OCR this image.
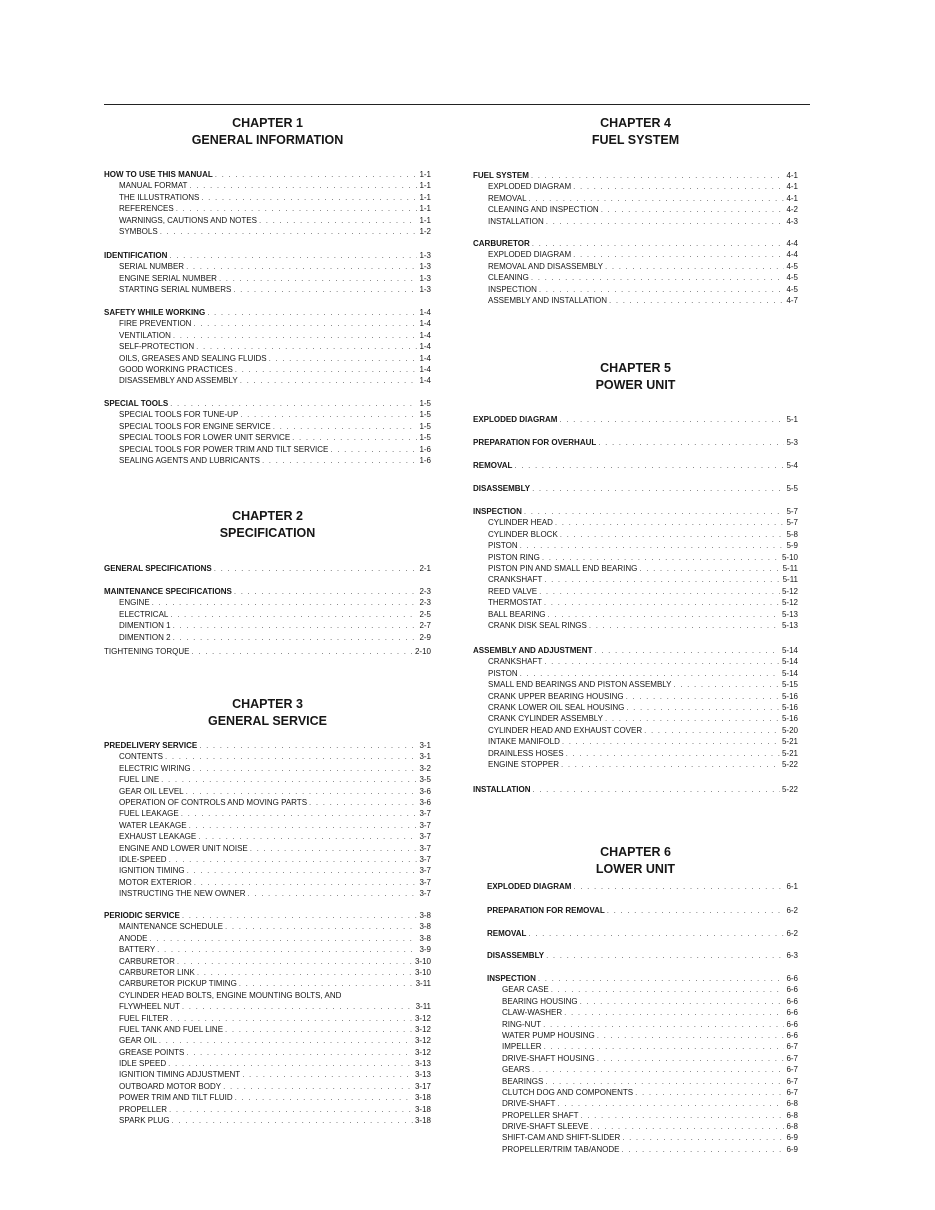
CHAPTER 1
GENERAL INFORMATION
HOW TO USE THIS MANUAL . . .	1-1
MANUAL FORMAT . . .	1-1
THE ILLUSTRATIONS . . .	1-1
REFERENCES . . .	1-1
WARNINGS, CAUTIONS AND NOTES . . .	1-1
SYMBOLS . . .	1-2
IDENTIFICATION . . .	1-3
SERIAL NUMBER . . .	1-3
ENGINE SERIAL NUMBER . . .	1-3
STARTING SERIAL NUMBERS . . .	1-3
SAFETY WHILE WORKING . . .	1-4
FIRE PREVENTION . . .	1-4
VENTILATION . . .	1-4
SELF-PROTECTION . . .	1-4
OILS, GREASES AND SEALING FLUIDS . . .	1-4
GOOD WORKING PRACTICES . . .	1-4
DISASSEMBLY AND ASSEMBLY . . .	1-4
SPECIAL TOOLS . . .	1-5
SPECIAL TOOLS FOR TUNE-UP . . .	1-5
SPECIAL TOOLS FOR ENGINE SERVICE . . .	1-5
SPECIAL TOOLS FOR LOWER UNIT SERVICE . . .	1-5
SPECIAL TOOLS FOR POWER TRIM AND TILT SERVICE . . .	1-6
SEALING AGENTS AND LUBRICANTS . . .	1-6
CHAPTER 2
SPECIFICATION
GENERAL SPECIFICATIONS . . .	2-1
MAINTENANCE SPECIFICATIONS . . .	2-3
ENGINE . . .	2-3
ELECTRICAL . . .	2-5
DIMENTION 1 . . .	2-7
DIMENTION 2 . . .	2-9
TIGHTENING TORQUE . . .	2-10
CHAPTER 3
GENERAL SERVICE
PREDELIVERY SERVICE . . .	3-1
CONTENTS . . .	3-1
ELECTRIC WIRING . . .	3-2
FUEL LINE . . .	3-5
GEAR OIL LEVEL . . .	3-6
OPERATION OF CONTROLS AND MOVING PARTS . . .	3-6
FUEL LEAKAGE . . .	3-7
WATER LEAKAGE . . .	3-7
EXHAUST LEAKAGE . . .	3-7
ENGINE AND LOWER UNIT NOISE . . .	3-7
IDLE-SPEED . . .	3-7
IGNITION TIMING . . .	3-7
MOTOR EXTERIOR . . .	3-7
INSTRUCTING THE NEW OWNER . . .	3-7
PERIODIC SERVICE . . .	3-8
MAINTENANCE SCHEDULE . . .	3-8
ANODE . . .	3-8
BATTERY . . .	3-9
CARBURETOR . . .	3-10
CARBURETOR LINK . . .	3-10
CARBURETOR PICKUP TIMING . . .	3-11
CYLINDER HEAD BOLTS, ENGINE MOUNTING BOLTS, AND
FLYWHEEL NUT . . .	3-11
FUEL FILTER . . .	3-12
FUEL TANK AND FUEL LINE . . .	3-12
GEAR OIL . . .	3-12
GREASE POINTS . . .	3-12
IDLE SPEED . . .	3-13
IGNITION TIMING ADJUSTMENT . . .	3-13
OUTBOARD MOTOR BODY . . .	3-17
POWER TRIM AND TILT FLUID . . .	3-18
PROPELLER . . .	3-18
SPARK PLUG . . .	3-18
CHAPTER 4
FUEL SYSTEM
FUEL SYSTEM . . .	4-1
EXPLODED DIAGRAM . . .	4-1
REMOVAL . . .	4-1
CLEANING AND INSPECTION . . .	4-2
INSTALLATION . . .	4-3
CARBURETOR . . .	4-4
EXPLODED DIAGRAM . . .	4-4
REMOVAL AND DISASSEMBLY . . .	4-5
CLEANING . . .	4-5
INSPECTION . . .	4-5
ASSEMBLY AND INSTALLATION . . .	4-7
CHAPTER 5
POWER UNIT
EXPLODED DIAGRAM . . .	5-1
PREPARATION FOR OVERHAUL . . .	5-3
REMOVAL . . .	5-4
DISASSEMBLY . . .	5-5
INSPECTION . . .	5-7
CYLINDER HEAD . . .	5-7
CYLINDER BLOCK . . .	5-8
PISTON . . .	5-9
PISTON RING . . .	5-10
PISTON PIN AND SMALL END BEARING . . .	5-11
CRANKSHAFT . . .	5-11
REED VALVE . . .	5-12
THERMOSTAT . . .	5-12
BALL BEARING . . .	5-13
CRANK DISK SEAL RINGS . . .	5-13
ASSEMBLY AND ADJUSTMENT . . .	5-14
CRANKSHAFT . . .	5-14
PISTON . . .	5-14
SMALL END BEARINGS AND PISTON ASSEMBLY . . .	5-15
CRANK UPPER BEARING HOUSING . . .	5-16
CRANK LOWER OIL SEAL HOUSING . . .	5-16
CRANK CYLINDER ASSEMBLY . . .	5-16
CYLINDER HEAD AND EXHAUST COVER . . .	5-20
INTAKE MANIFOLD . . .	5-21
DRAINLESS HOSES . . .	5-21
ENGINE STOPPER . . .	5-22
INSTALLATION . . .	5-22
CHAPTER 6
LOWER UNIT
EXPLODED DIAGRAM . . .	6-1
PREPARATION FOR REMOVAL . . .	6-2
REMOVAL . . .	6-2
DISASSEMBLY . . .	6-3
INSPECTION . . .	6-6
GEAR CASE . . .	6-6
BEARING HOUSING . . .	6-6
CLAW-WASHER . . .	6-6
RING-NUT . . .	6-6
WATER PUMP HOUSING . . .	6-6
IMPELLER . . .	6-7
DRIVE-SHAFT HOUSING . . .	6-7
GEARS . . .	6-7
BEARINGS . . .	6-7
CLUTCH DOG AND COMPONENTS . . .	6-7
DRIVE-SHAFT . . .	6-8
PROPELLER SHAFT . . .	6-8
DRIVE-SHAFT SLEEVE . . .	6-8
SHIFT-CAM AND SHIFT-SLIDER . . .	6-9
PROPELLER/TRIM TAB/ANODE . . .	6-9
